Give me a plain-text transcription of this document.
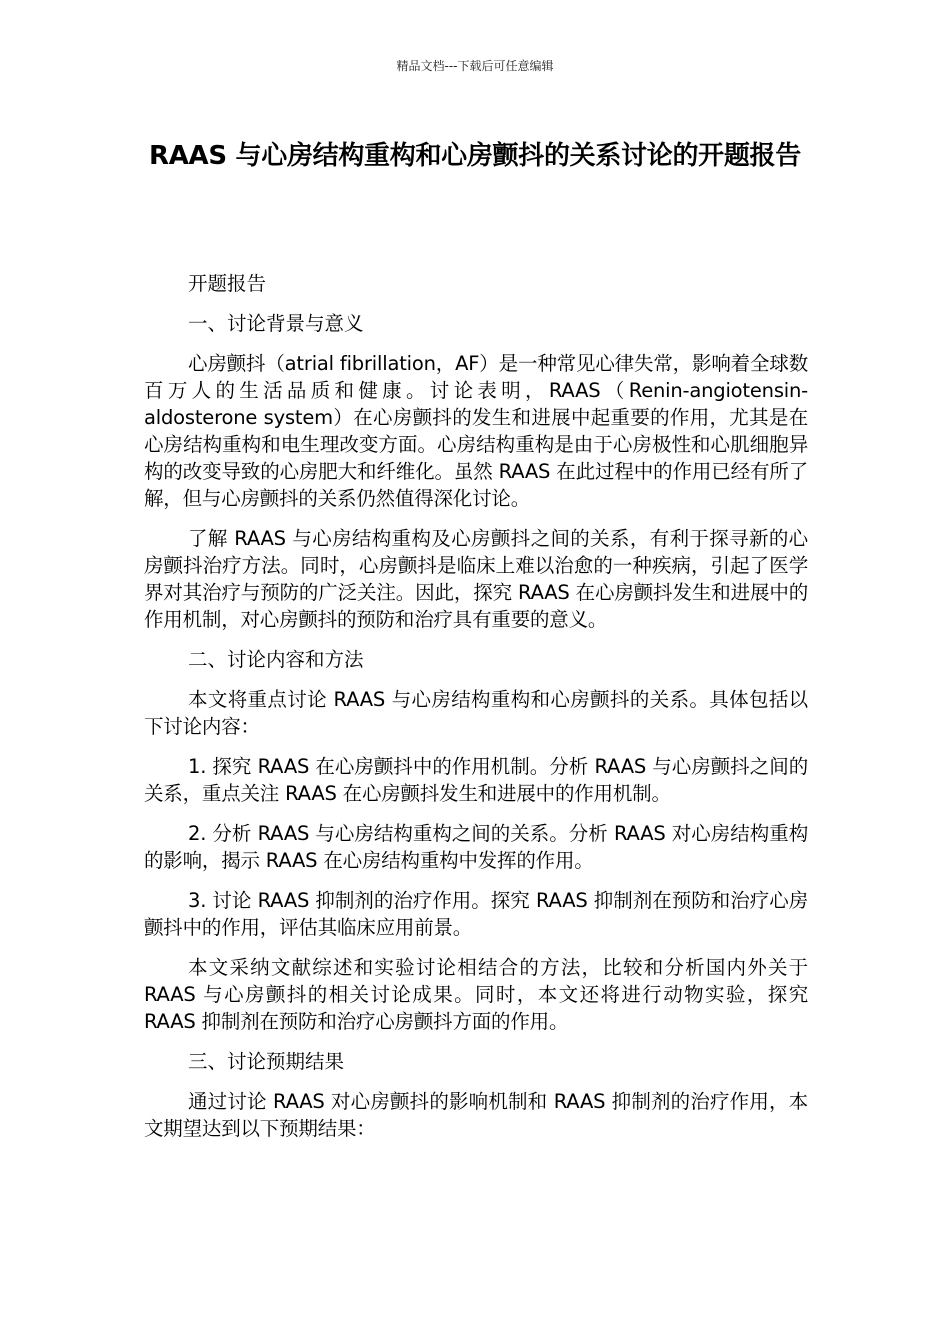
精品文档---下载后可任意编辑
RAAS 与心房结构重构和心房颤抖的关系讨论的开题报告

开题报告

一、讨论背景与意义

心房颤抖（atrial fibrillation，AF）是一种常见心律失常，影响着全球数百万人的生活品质和健康。讨论表明，RAAS（Renin-angiotensin-aldosterone system）在心房颤抖的发生和进展中起重要的作用，尤其是在心房结构重构和电生理改变方面。心房结构重构是由于心房极性和心肌细胞异构的改变导致的心房肥大和纤维化。虽然 RAAS 在此过程中的作用已经有所了解，但与心房颤抖的关系仍然值得深化讨论。

了解 RAAS 与心房结构重构及心房颤抖之间的关系，有利于探寻新的心房颤抖治疗方法。同时，心房颤抖是临床上难以治愈的一种疾病，引起了医学界对其治疗与预防的广泛关注。因此，探究 RAAS 在心房颤抖发生和进展中的作用机制，对心房颤抖的预防和治疗具有重要的意义。

二、讨论内容和方法

本文将重点讨论 RAAS 与心房结构重构和心房颤抖的关系。具体包括以下讨论内容：

1. 探究 RAAS 在心房颤抖中的作用机制。分析 RAAS 与心房颤抖之间的关系，重点关注 RAAS 在心房颤抖发生和进展中的作用机制。

2. 分析 RAAS 与心房结构重构之间的关系。分析 RAAS 对心房结构重构的影响，揭示 RAAS 在心房结构重构中发挥的作用。

3. 讨论 RAAS 抑制剂的治疗作用。探究 RAAS 抑制剂在预防和治疗心房颤抖中的作用，评估其临床应用前景。

本文采纳文献综述和实验讨论相结合的方法，比较和分析国内外关于 RAAS 与心房颤抖的相关讨论成果。同时，本文还将进行动物实验，探究 RAAS 抑制剂在预防和治疗心房颤抖方面的作用。

三、讨论预期结果

通过讨论 RAAS 对心房颤抖的影响机制和 RAAS 抑制剂的治疗作用，本文期望达到以下预期结果：
